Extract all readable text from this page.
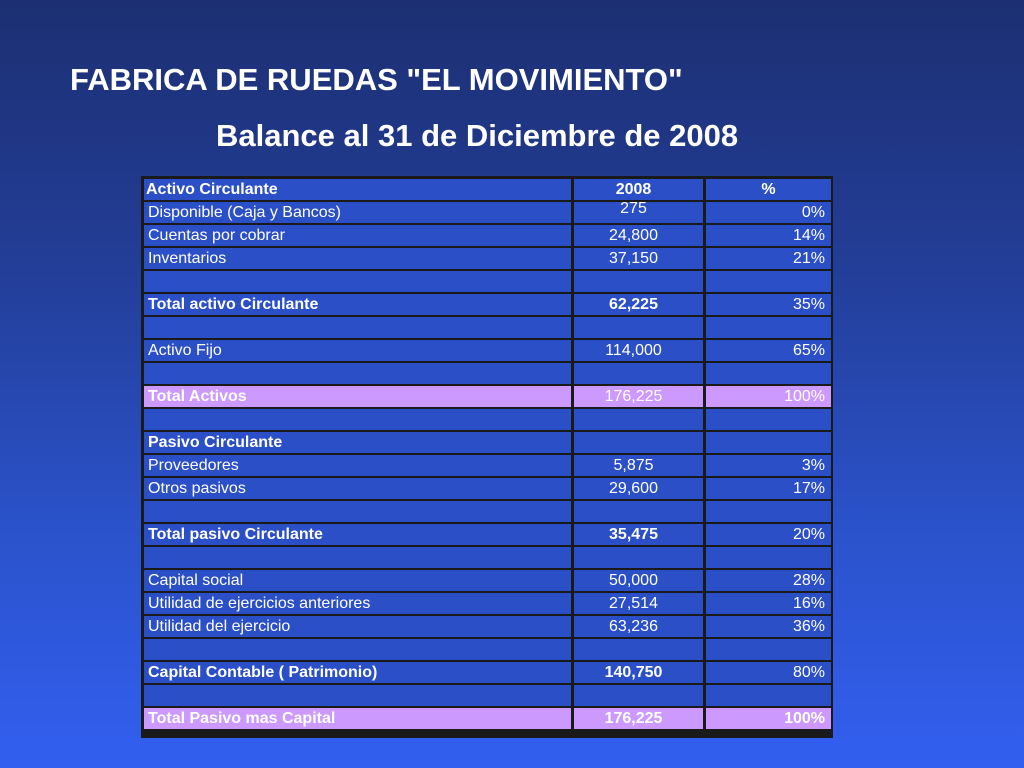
FABRICA DE RUEDAS "EL MOVIMIENTO"
Balance al 31 de Diciembre de 2008
Activo Circulante	2008	%
Disponible (Caja y Bancos)	275	0%
Cuentas por cobrar	24,800	14%
Inventarios	37,150	21%

Total activo Circulante	62,225	35%

Activo Fijo	114,000	65%

Total Activos	176,225	100%

Pasivo Circulante		
Proveedores	5,875	3%
Otros pasivos	29,600	17%

Total pasivo Circulante	35,475	20%

Capital social	50,000	28%
Utilidad de ejercicios anteriores	27,514	16%
Utilidad del ejercicio	63,236	36%

Capital Contable ( Patrimonio)	140,750	80%

Total Pasivo mas Capital	176,225	100%
